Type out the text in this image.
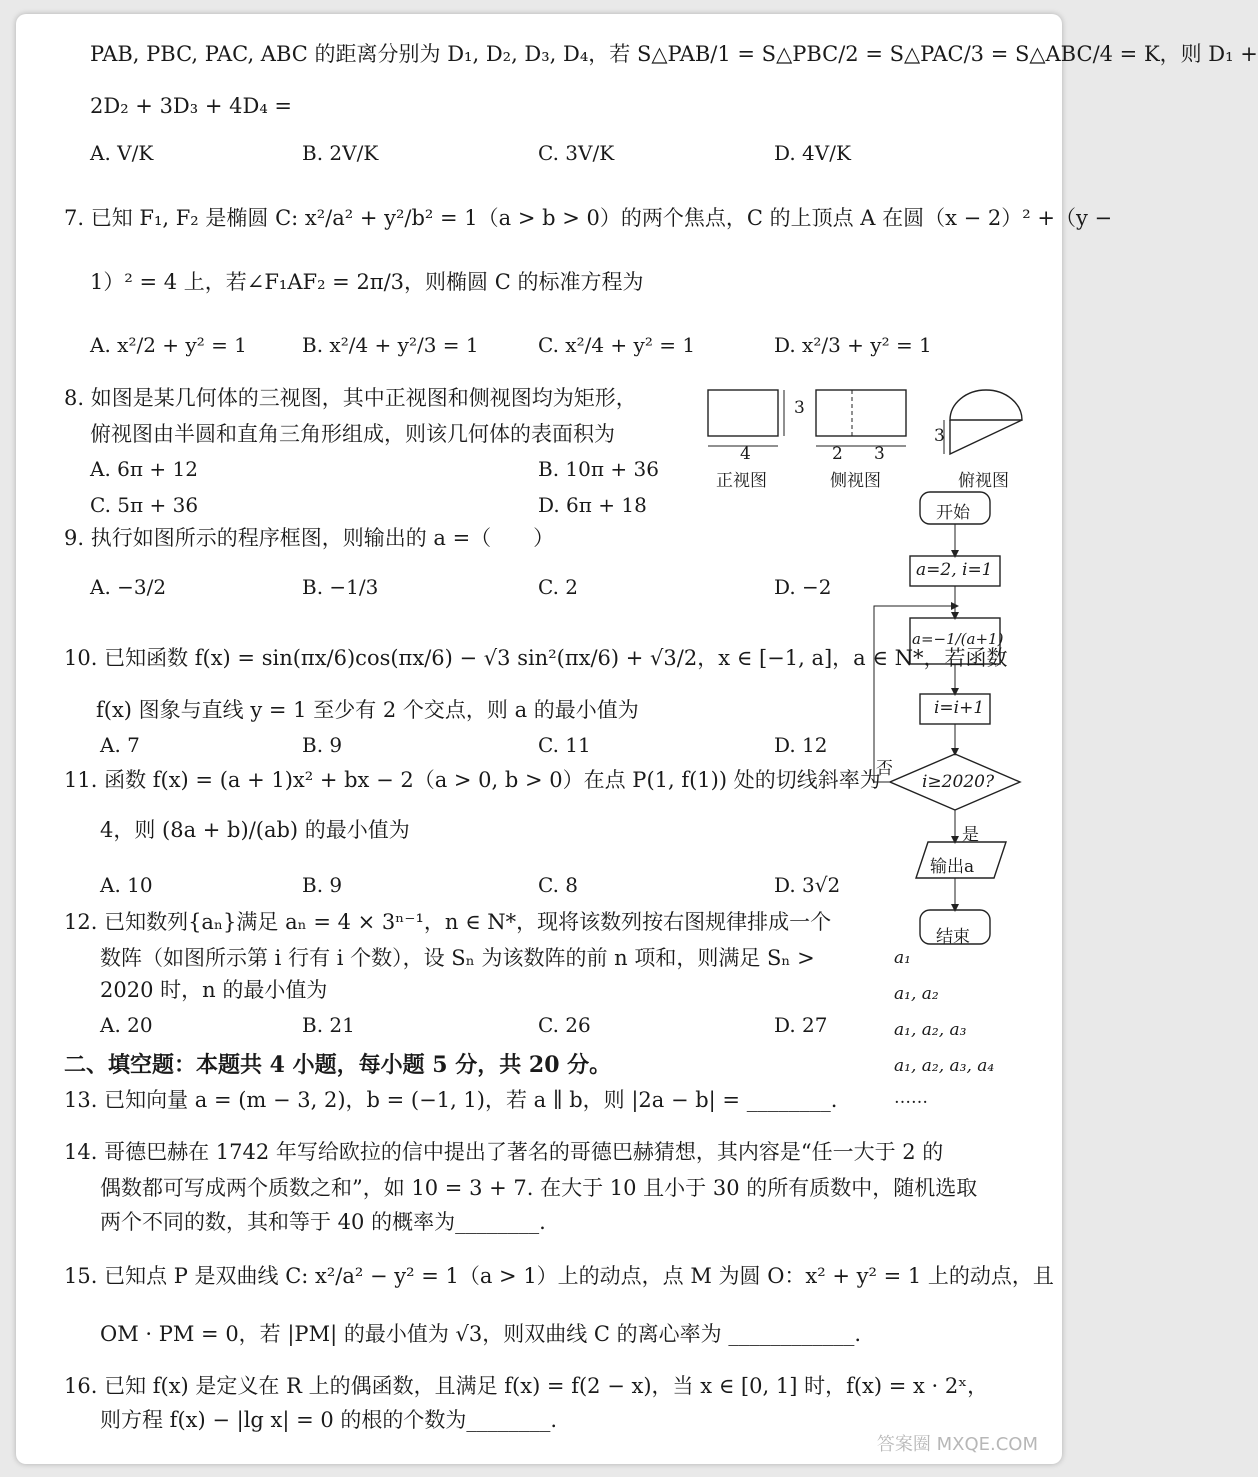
PAB, PBC, PAC, ABC 的距离分别为 D₁, D₂, D₃, D₄，若 S△PAB/1 = S△PBC/2 = S△PAC/3 = S△ABC/4 = K，则 D₁ +
2D₂ + 3D₃ + 4D₄ =
A. V/K	B. 2V/K	C. 3V/K	D. 4V/K
7. 已知 F₁, F₂ 是椭圆 C: x²/a² + y²/b² = 1（a > b > 0）的两个焦点，C 的上顶点 A 在圆（x − 2）² +（y −
1）² = 4 上，若∠F₁AF₂ = 2π/3，则椭圆 C 的标准方程为
A. x²/2 + y² = 1	B. x²/4 + y²/3 = 1	C. x²/4 + y² = 1	D. x²/3 + y² = 1
8. 如图是某几何体的三视图，其中正视图和侧视图均为矩形，
俯视图由半圆和直角三角形组成，则该几何体的表面积为
A. 6π + 12	B. 10π + 36
C. 5π + 36	D. 6π + 18
3
4	2 3
3
正视图	侧视图	俯视图
9. 执行如图所示的程序框图，则输出的 a =（　　）
A. −3/2	B. −1/3	C. 2	D. −2
开始
a=2, i=1
a=−1/(a+1)
i=i+1
i≥2020?
否
是
输出a
结束
10. 已知函数 f(x) = sin(πx/6)cos(πx/6) − √3 sin²(πx/6) + √3/2，x ∈ [−1, a]，a ∈ N*，若函数
f(x) 图象与直线 y = 1 至少有 2 个交点，则 a 的最小值为
A. 7	B. 9	C. 11	D. 12
11. 函数 f(x) = (a + 1)x² + bx − 2（a > 0, b > 0）在点 P(1, f(1)) 处的切线斜率为
4，则 (8a + b)/(ab) 的最小值为
A. 10	B. 9	C. 8	D. 3√2
12. 已知数列{aₙ}满足 aₙ = 4 × 3ⁿ⁻¹，n ∈ N*，现将该数列按右图规律排成一个
数阵（如图所示第 i 行有 i 个数），设 Sₙ 为该数阵的前 n 项和，则满足 Sₙ >
2020 时，n 的最小值为
A. 20	B. 21	C. 26	D. 27
a₁
a₁, a₂
a₁, a₂, a₃
a₁, a₂, a₃, a₄
……
二、填空题：本题共 4 小题，每小题 5 分，共 20 分。
13. 已知向量 a = (m − 3, 2)，b = (−1, 1)，若 a ∥ b，则 |2a − b| = ________.
14. 哥德巴赫在 1742 年写给欧拉的信中提出了著名的哥德巴赫猜想，其内容是“任一大于 2 的
偶数都可写成两个质数之和”，如 10 = 3 + 7. 在大于 10 且小于 30 的所有质数中，随机选取
两个不同的数，其和等于 40 的概率为________.
15. 已知点 P 是双曲线 C: x²/a² − y² = 1（a > 1）上的动点，点 M 为圆 O：x² + y² = 1 上的动点，且
OM · PM = 0，若 |PM| 的最小值为 √3，则双曲线 C 的离心率为 ____________.
16. 已知 f(x) 是定义在 R 上的偶函数，且满足 f(x) = f(2 − x)，当 x ∈ [0, 1] 时，f(x) = x · 2ˣ，
则方程 f(x) − |lg x| = 0 的根的个数为________.
答案圈 MXQE.COM
